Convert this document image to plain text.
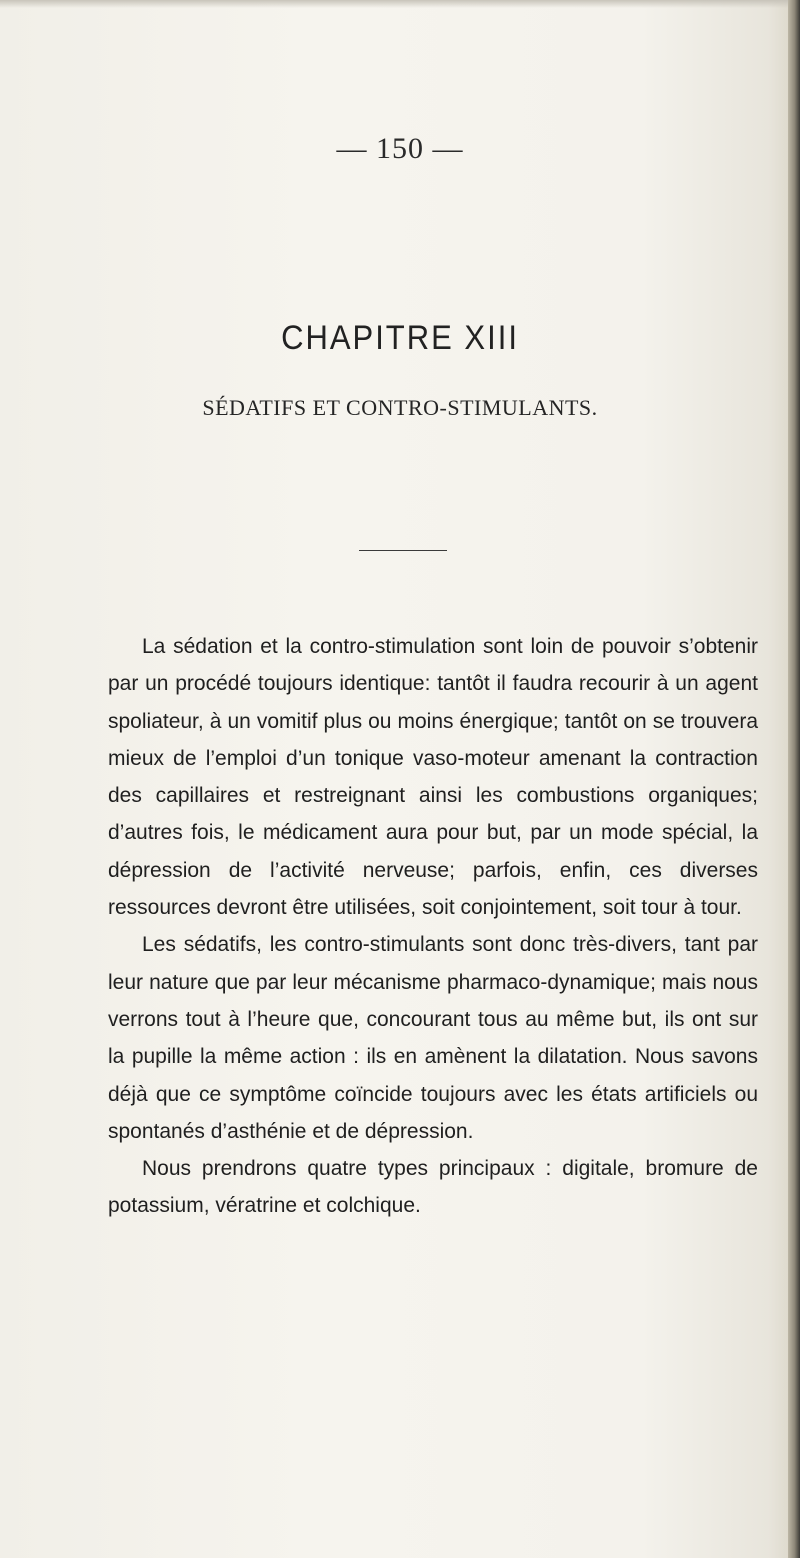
— 150 —
CHAPITRE XIII
SÉDATIFS ET CONTRO-STIMULANTS.

La sédation et la contro-stimulation sont loin de pouvoir s’obtenir par un procédé toujours identique: tantôt il faudra recourir à un agent spoliateur, à un vomitif plus ou moins énergique; tantôt on se trouvera mieux de l’emploi d’un tonique vaso-moteur amenant la contraction des capillaires et restreignant ainsi les combustions organiques; d’autres fois, le médicament aura pour but, par un mode spécial, la dépression de l’activité nerveuse; parfois, enfin, ces diverses ressources devront être utilisées, soit conjointement, soit tour à tour.

Les sédatifs, les contro-stimulants sont donc très-divers, tant par leur nature que par leur mécanisme pharmaco-dynamique; mais nous verrons tout à l’heure que, concourant tous au même but, ils ont sur la pupille la même action : ils en amènent la dilatation. Nous savons déjà que ce symptôme coïncide toujours avec les états artificiels ou spontanés d’asthénie et de dépression.

Nous prendrons quatre types principaux : digitale, bromure de potassium, vératrine et colchique.
